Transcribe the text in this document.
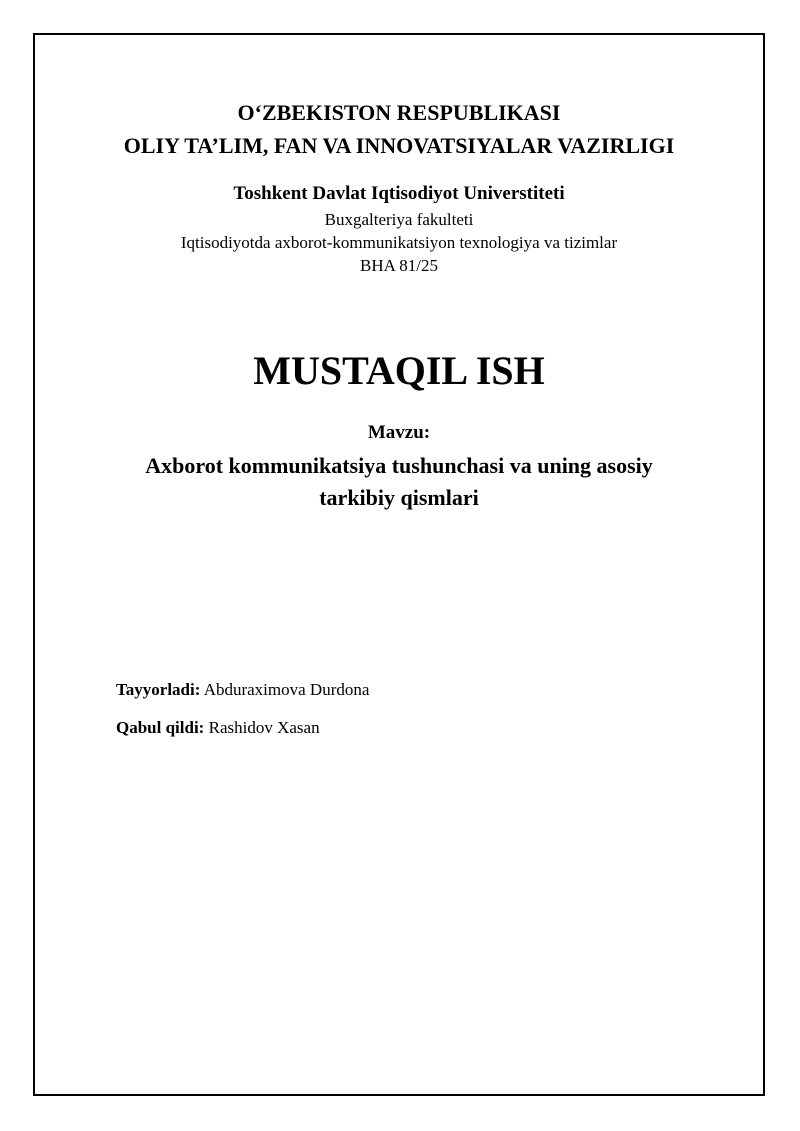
O‘ZBEKISTON RESPUBLIKASI
OLIY TA’LIM, FAN VA INNOVATSIYALAR VAZIRLIGI
Toshkent Davlat Iqtisodiyot Universtiteti
Buxgalteriya fakulteti
Iqtisodiyotda axborot-kommunikatsiyon texnologiya va tizimlar
BHA 81/25
MUSTAQIL ISH
Mavzu:
Axborot kommunikatsiya tushunchasi va uning asosiy
tarkibiy qismlari
Tayyorladi: Abduraximova Durdona
Qabul qildi: Rashidov Xasan
